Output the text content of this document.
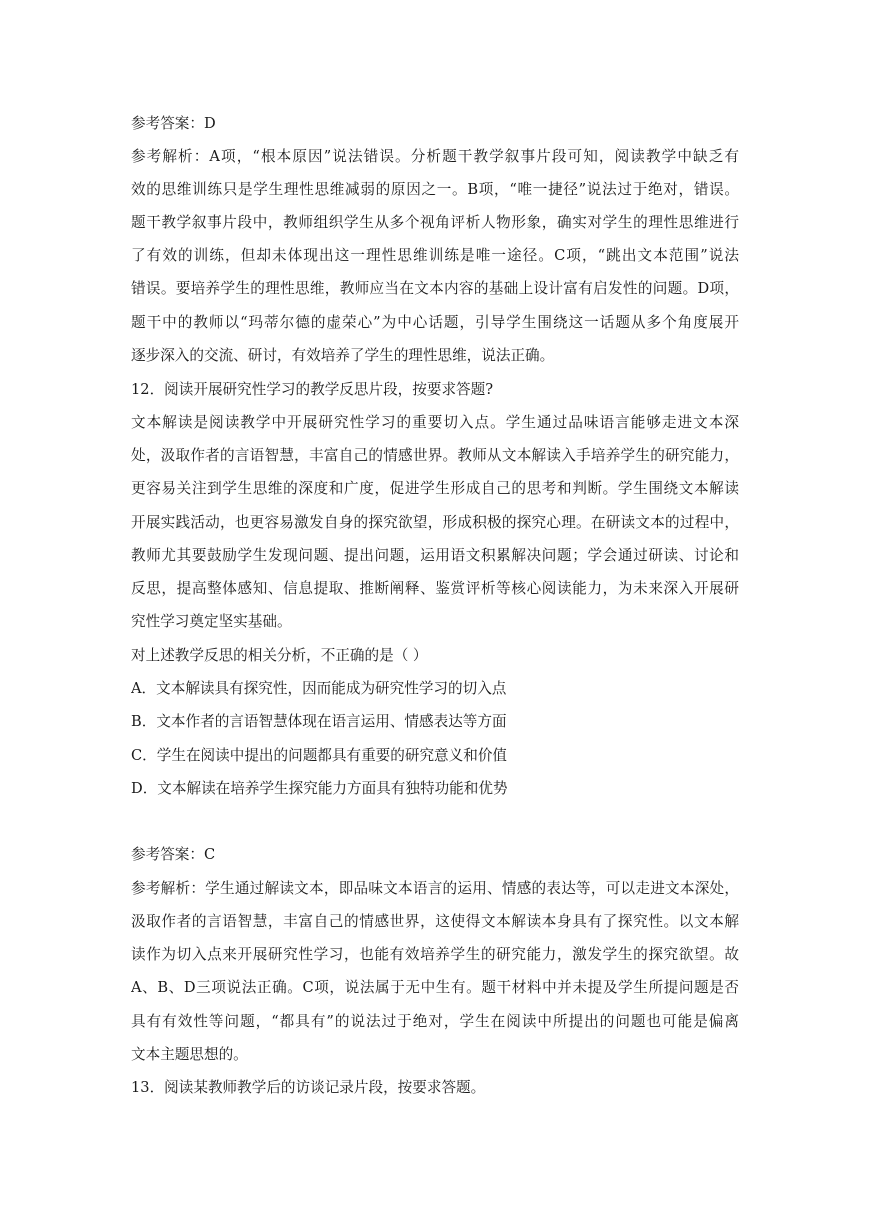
参考答案：D
参考解析：A项，“根本原因”说法错误。分析题干教学叙事片段可知，阅读教学中缺乏有
效的思维训练只是学生理性思维减弱的原因之一。B项，“唯一捷径”说法过于绝对，错误。
题干教学叙事片段中，教师组织学生从多个视角评析人物形象，确实对学生的理性思维进行
了有效的训练，但却未体现出这一理性思维训练是唯一途径。C项，“跳出文本范围”说法
错误。要培养学生的理性思维，教师应当在文本内容的基础上设计富有启发性的问题。D项，
题干中的教师以“玛蒂尔德的虚荣心”为中心话题，引导学生围绕这一话题从多个角度展开
逐步深入的交流、研讨，有效培养了学生的理性思维，说法正确。
12．阅读开展研究性学习的教学反思片段，按要求答题?
文本解读是阅读教学中开展研究性学习的重要切入点。学生通过品味语言能够走进文本深
处，汲取作者的言语智慧，丰富自己的情感世界。教师从文本解读入手培养学生的研究能力，
更容易关注到学生思维的深度和广度，促进学生形成自己的思考和判断。学生围绕文本解读
开展实践活动，也更容易激发自身的探究欲望，形成积极的探究心理。在研读文本的过程中，
教师尤其要鼓励学生发现问题、提出问题，运用语文积累解决问题；学会通过研读、讨论和
反思，提高整体感知、信息提取、推断阐释、鉴赏评析等核心阅读能力，为未来深入开展研
究性学习奠定坚实基础。
对上述教学反思的相关分析，不正确的是（ ）
A．文本解读具有探究性，因而能成为研究性学习的切入点
B．文本作者的言语智慧体现在语言运用、情感表达等方面
C．学生在阅读中提出的问题都具有重要的研究意义和价值
D．文本解读在培养学生探究能力方面具有独特功能和优势
参考答案：C
参考解析：学生通过解读文本，即品味文本语言的运用、情感的表达等，可以走进文本深处，
汲取作者的言语智慧，丰富自己的情感世界，这使得文本解读本身具有了探究性。以文本解
读作为切入点来开展研究性学习，也能有效培养学生的研究能力，激发学生的探究欲望。故
A、B、D三项说法正确。C项，说法属于无中生有。题干材料中并未提及学生所提问题是否
具有有效性等问题，“都具有”的说法过于绝对，学生在阅读中所提出的问题也可能是偏离
文本主题思想的。
13．阅读某教师教学后的访谈记录片段，按要求答题。
